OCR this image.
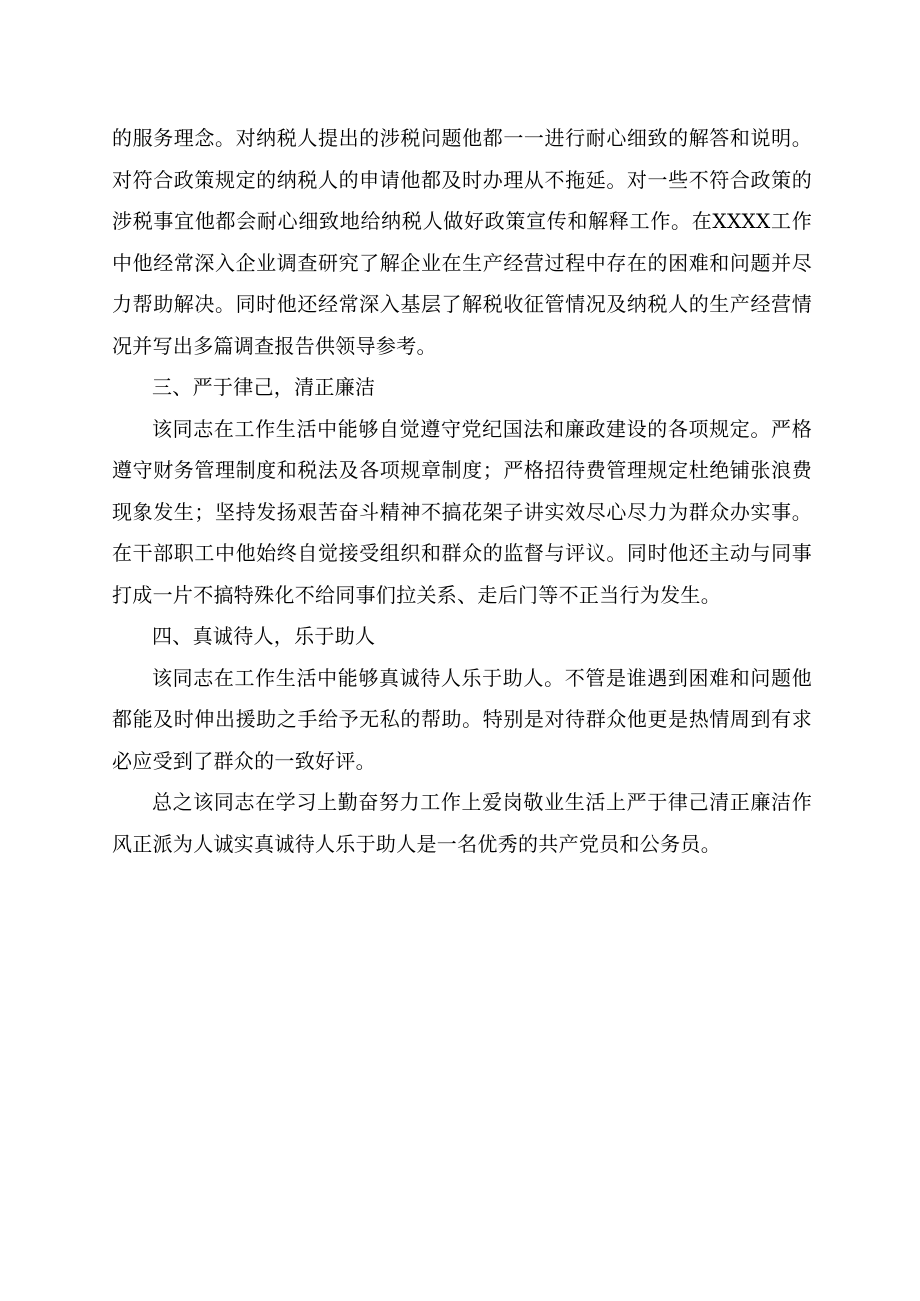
的服务理念。对纳税人提出的涉税问题他都一一进行耐心细致的解答和说明。对符合政策规定的纳税人的申请他都及时办理从不拖延。对一些不符合政策的涉税事宜他都会耐心细致地给纳税人做好政策宣传和解释工作。在XXXX工作中他经常深入企业调查研究了解企业在生产经营过程中存在的困难和问题并尽力帮助解决。同时他还经常深入基层了解税收征管情况及纳税人的生产经营情况并写出多篇调查报告供领导参考。

三、严于律己，清正廉洁

该同志在工作生活中能够自觉遵守党纪国法和廉政建设的各项规定。严格遵守财务管理制度和税法及各项规章制度；严格招待费管理规定杜绝铺张浪费现象发生；坚持发扬艰苦奋斗精神不搞花架子讲实效尽心尽力为群众办实事。在干部职工中他始终自觉接受组织和群众的监督与评议。同时他还主动与同事打成一片不搞特殊化不给同事们拉关系、走后门等不正当行为发生。

四、真诚待人，乐于助人

该同志在工作生活中能够真诚待人乐于助人。不管是谁遇到困难和问题他都能及时伸出援助之手给予无私的帮助。特别是对待群众他更是热情周到有求必应受到了群众的一致好评。

总之该同志在学习上勤奋努力工作上爱岗敬业生活上严于律己清正廉洁作风正派为人诚实真诚待人乐于助人是一名优秀的共产党员和公务员。
